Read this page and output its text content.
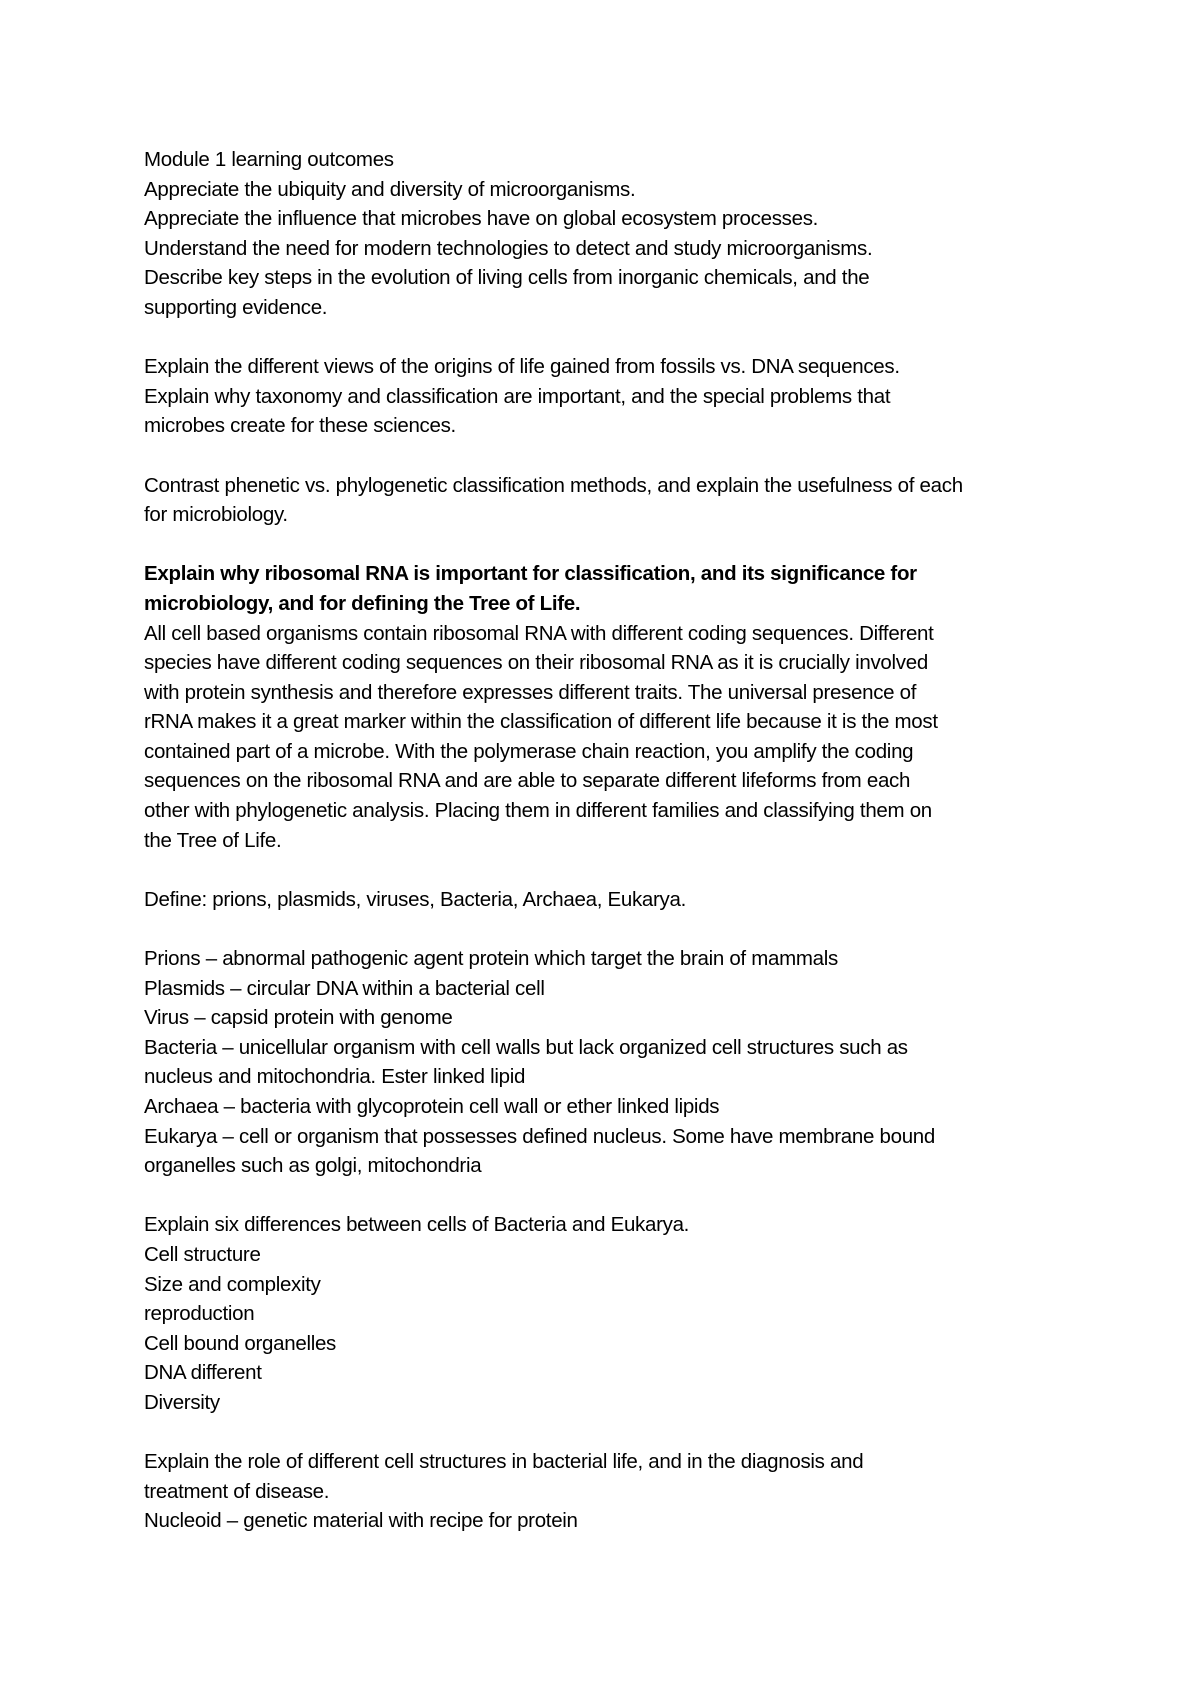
Module 1 learning outcomes
Appreciate the ubiquity and diversity of microorganisms.
Appreciate the influence that microbes have on global ecosystem processes.
Understand the need for modern technologies to detect and study microorganisms.
Describe key steps in the evolution of living cells from inorganic chemicals, and the
supporting evidence.
Explain the different views of the origins of life gained from fossils vs. DNA sequences.
Explain why taxonomy and classification are important, and the special problems that
microbes create for these sciences.
Contrast phenetic vs. phylogenetic classification methods, and explain the usefulness of each
for microbiology.
Explain why ribosomal RNA is important for classification, and its significance for
microbiology, and for defining the Tree of Life.
All cell based organisms contain ribosomal RNA with different coding sequences. Different
species have different coding sequences on their ribosomal RNA as it is crucially involved
with protein synthesis and therefore expresses different traits. The universal presence of
rRNA makes it a great marker within the classification of different life because it is the most
contained part of a microbe. With the polymerase chain reaction, you amplify the coding
sequences on the ribosomal RNA and are able to separate different lifeforms from each
other with phylogenetic analysis. Placing them in different families and classifying them on
the Tree of Life.
Define: prions, plasmids, viruses, Bacteria, Archaea, Eukarya.
Prions – abnormal pathogenic agent protein which target the brain of mammals
Plasmids – circular DNA within a bacterial cell
Virus – capsid protein with genome
Bacteria – unicellular organism with cell walls but lack organized cell structures such as
nucleus and mitochondria. Ester linked lipid
Archaea – bacteria with glycoprotein cell wall or ether linked lipids
Eukarya – cell or organism that possesses defined nucleus. Some have membrane bound
organelles such as golgi, mitochondria
Explain six differences between cells of Bacteria and Eukarya.
Cell structure
Size and complexity
reproduction
Cell bound organelles
DNA different
Diversity
Explain the role of different cell structures in bacterial life, and in the diagnosis and
treatment of disease.
Nucleoid – genetic material with recipe for protein
